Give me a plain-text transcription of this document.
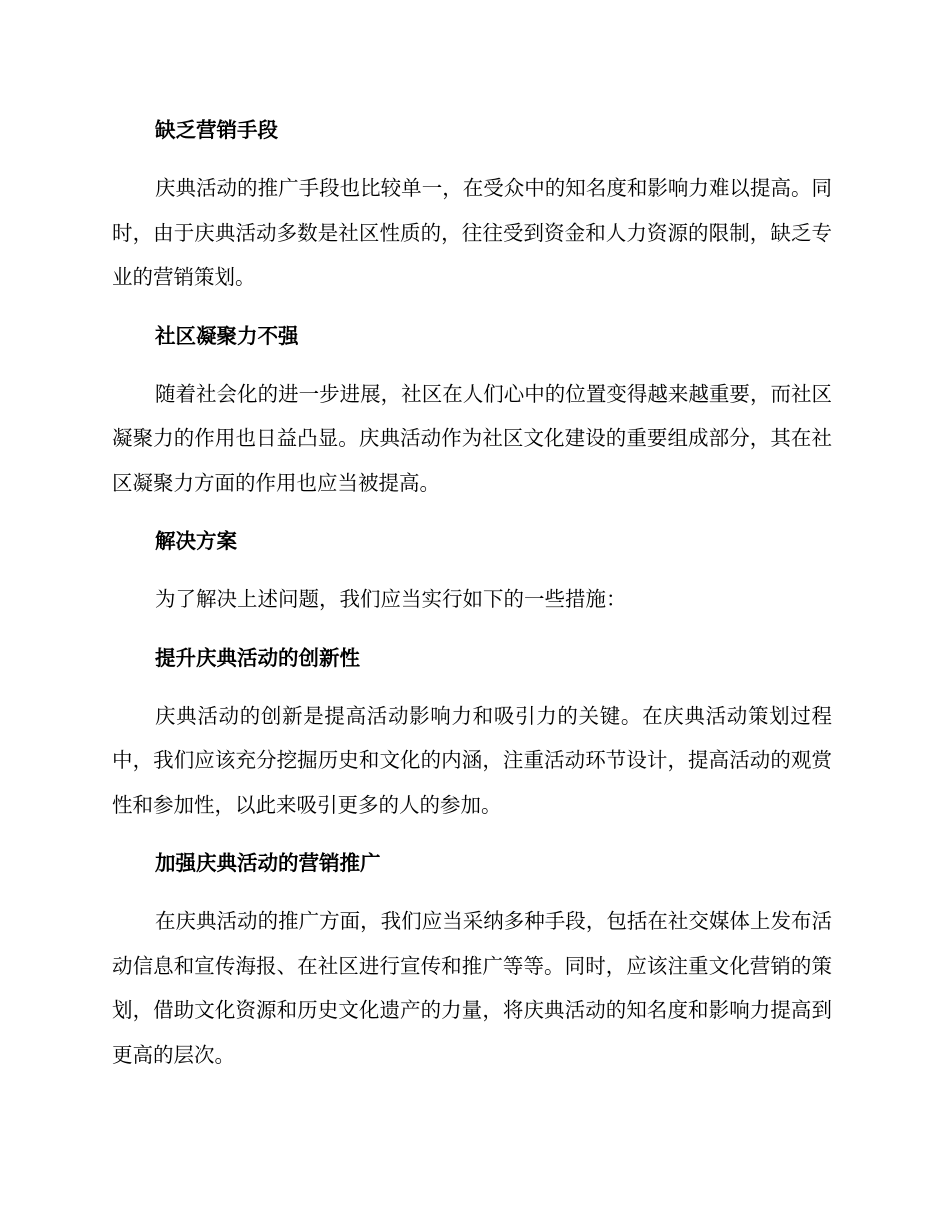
缺乏营销手段
庆典活动的推广手段也比较单一，在受众中的知名度和影响力难以提高。同时，由于庆典活动多数是社区性质的，往往受到资金和人力资源的限制，缺乏专业的营销策划。
社区凝聚力不强
随着社会化的进一步进展，社区在人们心中的位置变得越来越重要，而社区凝聚力的作用也日益凸显。庆典活动作为社区文化建设的重要组成部分，其在社区凝聚力方面的作用也应当被提高。
解决方案
为了解决上述问题，我们应当实行如下的一些措施：
提升庆典活动的创新性
庆典活动的创新是提高活动影响力和吸引力的关键。在庆典活动策划过程中，我们应该充分挖掘历史和文化的内涵，注重活动环节设计，提高活动的观赏性和参加性，以此来吸引更多的人的参加。
加强庆典活动的营销推广
在庆典活动的推广方面，我们应当采纳多种手段，包括在社交媒体上发布活动信息和宣传海报、在社区进行宣传和推广等等。同时，应该注重文化营销的策划，借助文化资源和历史文化遗产的力量，将庆典活动的知名度和影响力提高到更高的层次。
